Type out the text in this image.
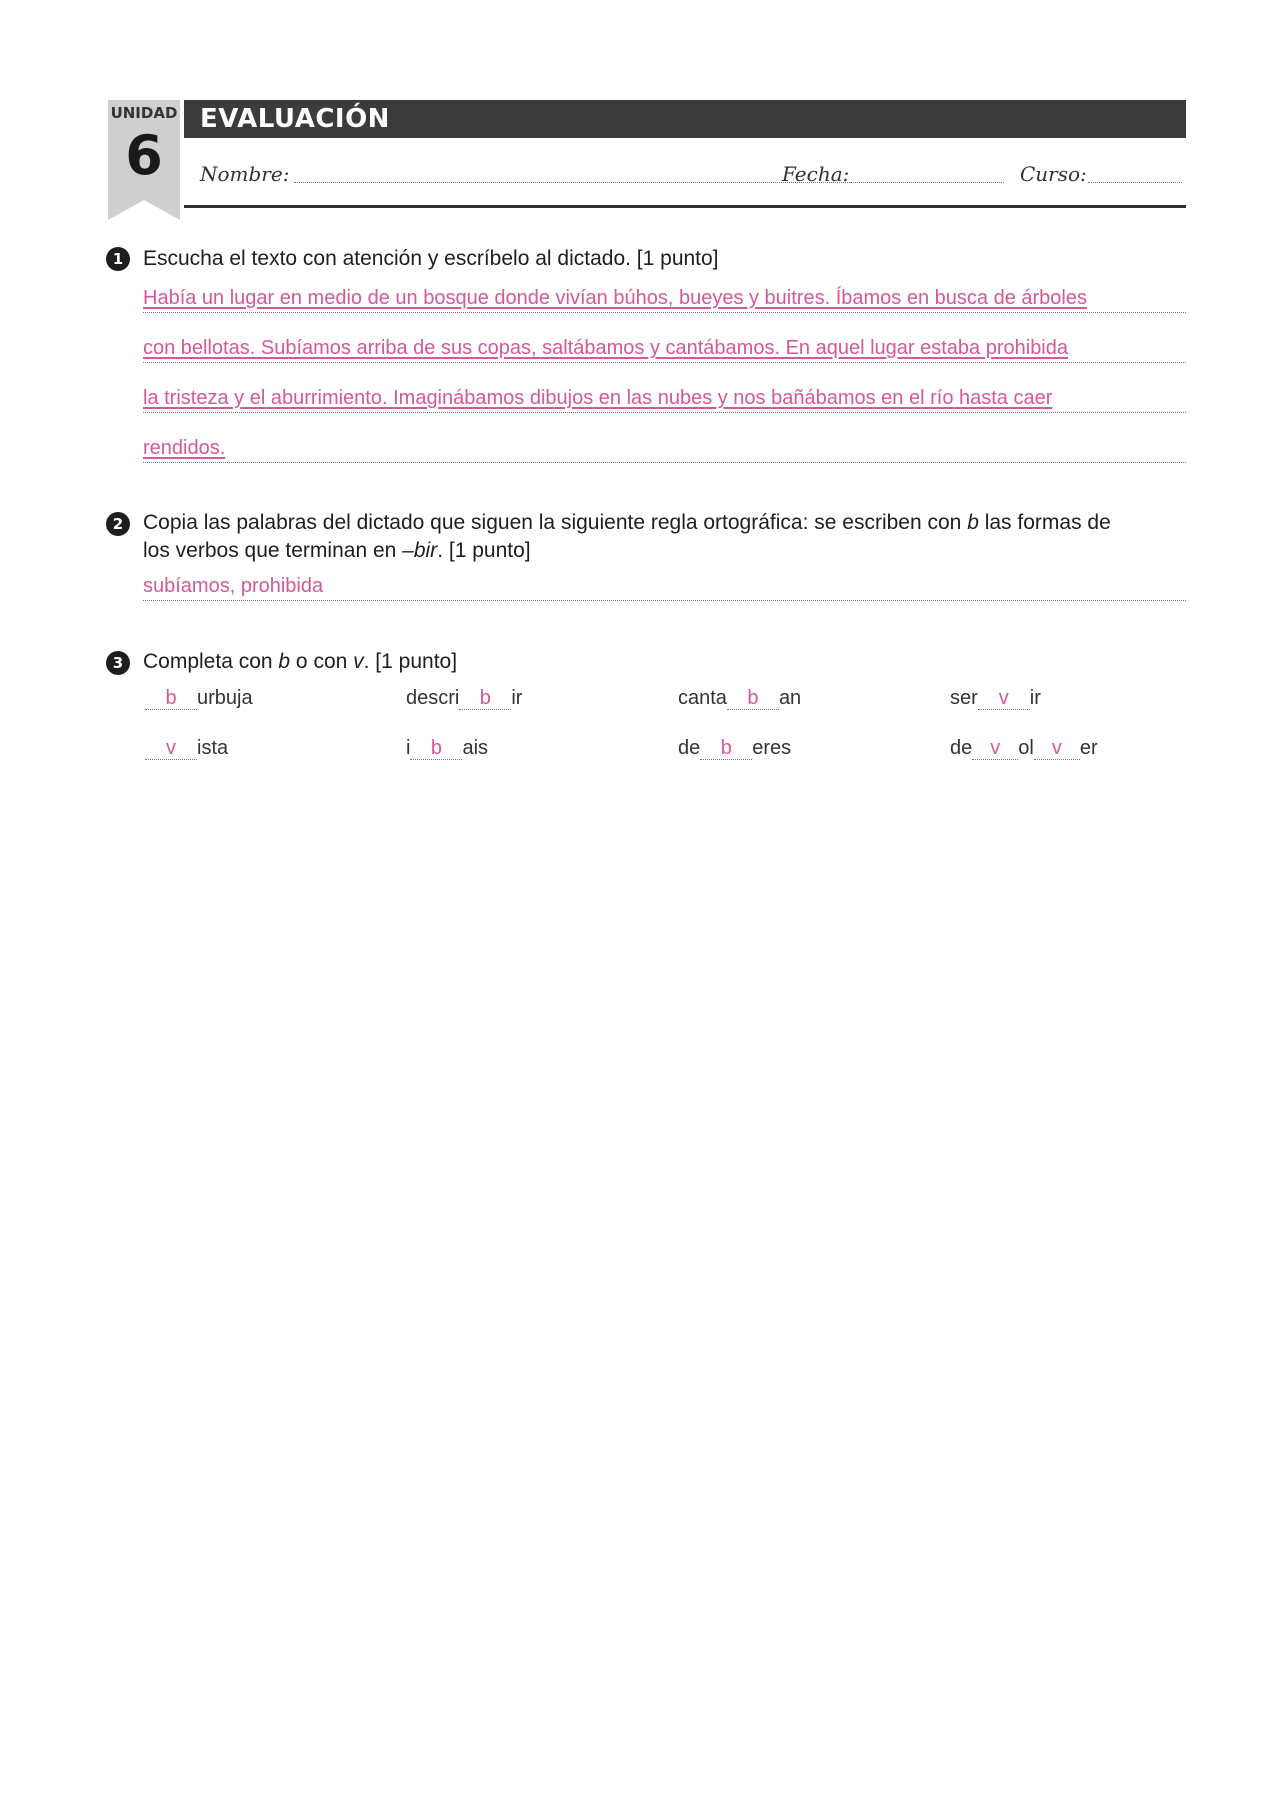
UNIDAD
6
EVALUACIÓN
Nombre:	Fecha:	Curso:
1 Escucha el texto con atención y escríbelo al dictado. [1 punto]
Había un lugar en medio de un bosque donde vivían búhos, bueyes y buitres. Íbamos en busca de árboles
con bellotas. Subíamos arriba de sus copas, saltábamos y cantábamos. En aquel lugar estaba prohibida
la tristeza y el aburrimiento. Imaginábamos dibujos en las nubes y nos bañábamos en el río hasta caer
rendidos.
2 Copia las palabras del dictado que siguen la siguiente regla ortográfica: se escriben con b las formas de
los verbos que terminan en –bir. [1 punto]
subíamos, prohibida
3 Completa con b o con v. [1 punto]
b urbuja	descri b ir	canta b an	ser v ir
v ista	i b ais	de b eres	de v ol v er
